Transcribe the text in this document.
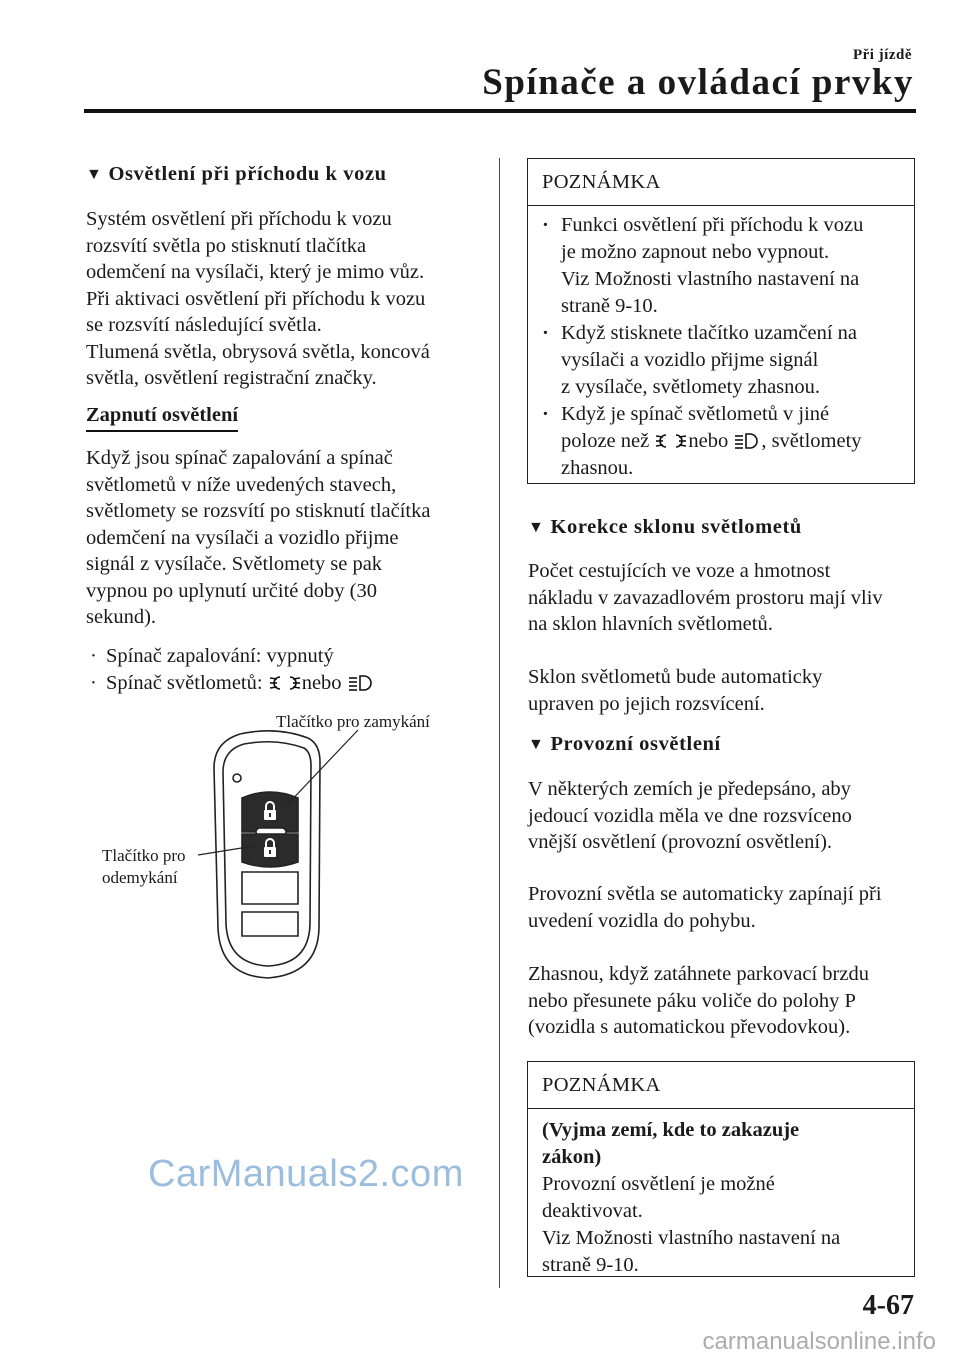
Při jízdě
Spínače a ovládací prvky
▼ Osvětlení při příchodu k vozu
Systém osvětlení při příchodu k vozu
rozsvítí světla po stisknutí tlačítka
odemčení na vysílači, který je mimo vůz.
Při aktivaci osvětlení při příchodu k vozu
se rozsvítí následující světla.
Tlumená světla, obrysová světla, koncová
světla, osvětlení registrační značky.
Zapnutí osvětlení
Když jsou spínač zapalování a spínač
světlometů v níže uvedených stavech,
světlomety se rozsvítí po stisknutí tlačítka
odemčení na vysílači a vozidlo přijme
signál z vysílače. Světlomety se pak
vypnou po uplynutí určité doby (30
sekund).
· Spínač zapalování: vypnutý
· Spínač světlometů: nebo
Tlačítko pro zamykání
Tlačítko pro
odemykání
POZNÁMKA
· Funkci osvětlení při příchodu k vozu
je možno zapnout nebo vypnout.
Viz Možnosti vlastního nastavení na
straně 9-10.
· Když stisknete tlačítko uzamčení na
vysílači a vozidlo přijme signál
z vysílače, světlomety zhasnou.
· Když je spínač světlometů v jiné
poloze než nebo , světlomety
zhasnou.
▼ Korekce sklonu světlometů
Počet cestujících ve voze a hmotnost
nákladu v zavazadlovém prostoru mají vliv
na sklon hlavních světlometů.
Sklon světlometů bude automaticky
upraven po jejich rozsvícení.
▼ Provozní osvětlení
V některých zemích je předepsáno, aby
jedoucí vozidla měla ve dne rozsvíceno
vnější osvětlení (provozní osvětlení).
Provozní světla se automaticky zapínají při
uvedení vozidla do pohybu.
Zhasnou, když zatáhnete parkovací brzdu
nebo přesunete páku voliče do polohy P
(vozidla s automatickou převodovkou).
POZNÁMKA
(Vyjma zemí, kde to zakazuje
zákon)
Provozní osvětlení je možné
deaktivovat.
Viz Možnosti vlastního nastavení na
straně 9-10.
CarManuals2.com
4-67
carmanualsonline.info
